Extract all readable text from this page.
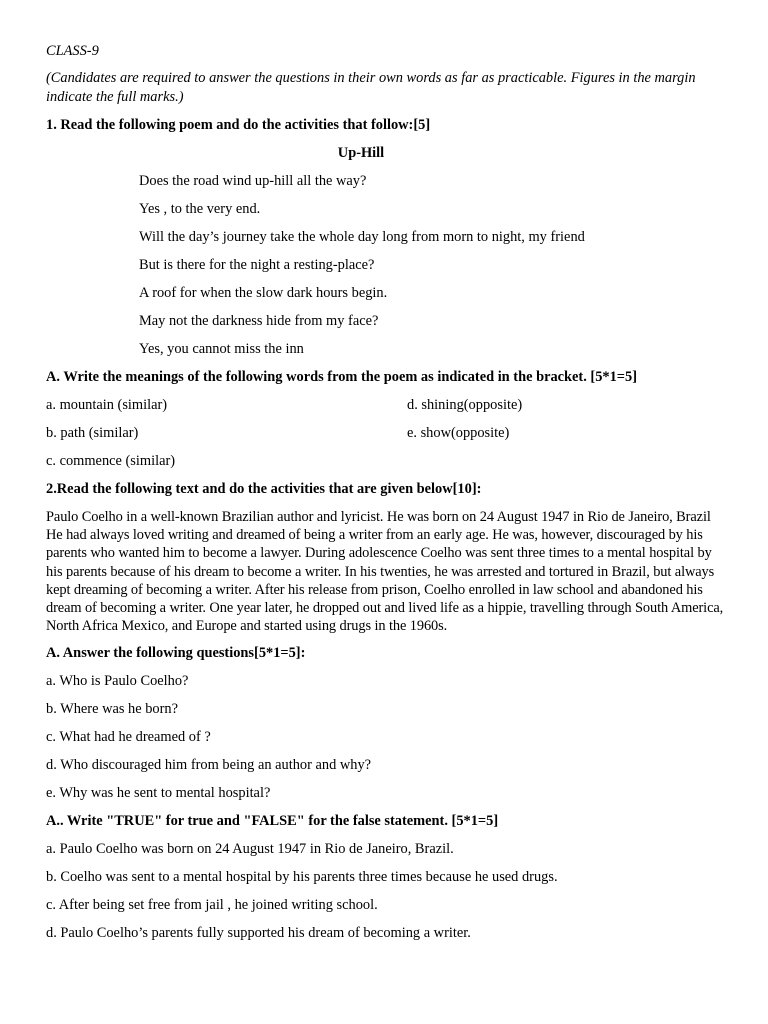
CLASS-9
(Candidates are required to answer the questions in their own words as far as practicable. Figures in the margin indicate the full marks.)
1. Read the following poem and do the activities that follow:[5]
Up-Hill
Does the road wind up-hill all the way?
Yes , to the very end.
Will the day’s journey take the whole day long from morn to night, my friend
But is there for the night a resting-place?
A roof for when the slow dark hours begin.
May not the darkness hide from my face?
Yes, you cannot miss the inn
A. Write the meanings of the following words from the poem as indicated in the bracket. [5*1=5]
a. mountain (similar)	d. shining(opposite)
b. path (similar)	e. show(opposite)
c. commence (similar)
2.Read the following text and do the activities that are given below[10]:
Paulo Coelho in a well-known Brazilian author and lyricist. He was born on 24 August 1947 in Rio de Janeiro, Brazil He had always loved writing and dreamed of being a writer from an early age. He was, however, discouraged by his parents who wanted him to become a lawyer. During adolescence Coelho was sent three times to a mental hospital by his parents because of his dream to become a writer. In his twenties, he was arrested and tortured in Brazil, but always kept dreaming of becoming a writer. After his release from prison, Coelho enrolled in law school and abandoned his dream of becoming a writer. One year later, he dropped out and lived life as a hippie, travelling through South America, North Africa Mexico, and Europe and started using drugs in the 1960s.
A. Answer the following questions[5*1=5]:
a. Who is Paulo Coelho?
b. Where was he born?
c. What had he dreamed of ?
d. Who discouraged him from being an author and why?
e. Why was he sent to mental hospital?
A.. Write "TRUE" for true and "FALSE" for the false statement. [5*1=5]
a. Paulo Coelho was born on 24 August 1947 in Rio de Janeiro, Brazil.
b. Coelho was sent to a mental hospital by his parents three times because he used drugs.
c. After being set free from jail , he joined writing school.
d. Paulo Coelho’s parents fully supported his dream of becoming a writer.
